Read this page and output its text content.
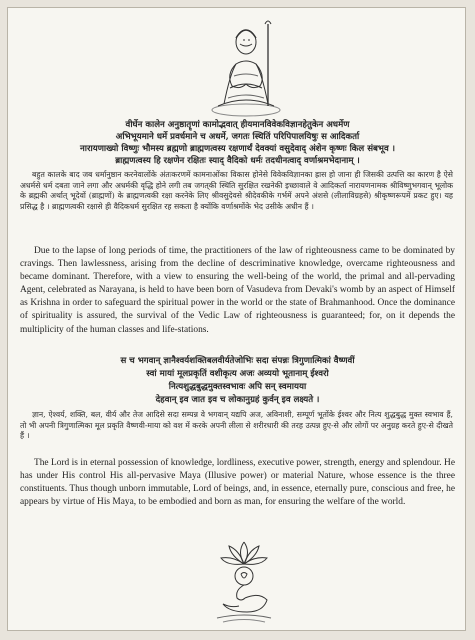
वीर्घेन कालेन अनुष्ठातॄणां कामोद्भवात् हीयमानविवेकविज्ञानहेतुकेन अधर्मेण
अभिभूयमाने धर्मे प्रवर्धमाने च अधर्मे, जगतः स्थितिं परिपिपालयिषुः स आदिकर्ता
नारायणाख्यो विष्णुः भौमस्य ब्रह्मणो ब्राह्मणत्वस्य रक्षणार्थं देवक्यां वसुदेवाद् अंशेन कृष्णः किल संबभूव ।
ब्राह्मणत्वस्य हि रक्षणेन रक्षितः स्याद् वैदिको धर्मः तदधीनत्वाद् वर्णाश्रमभेदानाम् ।
बहुत कालके बाद जब धर्मानुष्ठान करनेवालोंके अंतःकरणमें कामनाओंका विकास होनेसे विवेकविज्ञानका ह्रास हो जाना ही जिसकी उत्पत्ति का कारण है ऐसे अधर्मसे धर्म दबता जाने लगा और अधर्मकी वृद्धि होने लगी तब जगत्‌की स्थिति सुरक्षित रखनेकी इच्छावाले वे आदिकर्ता नारायणनामक श्रीविष्णुभगवान् भूलोक के ब्रह्मकी अर्थात् भूदेवों (ब्राह्मणों) के ब्राह्मणत्वकी रक्षा करनेके लिए श्रीवसुदेवसे श्रीदेवकीके गर्भमें अपने अंशसे (लीलाविग्रहसे) श्रीकृष्णरूपमें प्रकट हुए। यह प्रसिद्ध है । ब्राह्मणत्वकी रक्षासे ही वैदिकधर्म सुरक्षित रह सकता है क्योंकि वर्णाश्रमोंके भेद उसीके अधीन हैं ।
Due to the lapse of long periods of time, the practitioners of the law of righteousness came to be dominated by cravings. Then lawlessness, arising from the decline of descriminative knowledge, overcame righteousness and became dominant. Therefore, with a view to ensuring the well-being of the world, the primal and all-pervading Agent, celebrated as Narayana, is held to have been born of Vasudeva from Devaki's womb by an aspect of Himself as Krishna in order to safeguard the spiritual power in the world or the state of Brahmanhood. Once the dominance of spirituality is assured, the survival of the Vedic Law of righteousness is guaranteed; for, on it depends the multiplicity of the human classes and life-stations.
स च भगवान् ज्ञानैश्वर्यशक्तिबलवीर्यतेजोभिः सदा संपन्नः त्रिगुणात्मिकां वैष्णवीं
स्वां मायां मूलप्रकृतिं वशीकृत्य अजः अव्ययो भूतानाम् ईश्वरो
नित्यशुद्धबुद्धमुक्तस्वभावः अपि सन् स्वमायया
देहवान् इव जात इव च लोकानुग्रहं कुर्वन् इव लक्ष्यते ।
ज्ञान, ऐश्वर्य, शक्ति, बल, वीर्य और तेज आदिसे सदा सम्पन्न वे भगवान् यद्यपि अज, अविनाशी, सम्पूर्ण भूतोंके ईश्वर और नित्य शुद्धबुद्ध मुक्त स्वभाव हैं, तो भी अपनी त्रिगुणात्मिका मूल प्रकृति वैष्णवी-माया को वश में करके अपनी लीला से शरीरधारी की तरह उत्पन्न हुए-से और लोगों पर अनुग्रह करते हुए-से दीखते हैं ।
The Lord is in eternal possession of knowledge, lordliness, executive power, strength, energy and splendour. He has under His control His all-pervasive Maya (Illusive power) or material Nature, whose essence is the three constituents. Thus though unborn immutable, Lord of beings, and, in essence, eternally pure, conscious and free, he appears by virtue of His Maya, to be embodied and born as man, for ensuring the welfare of the world.
